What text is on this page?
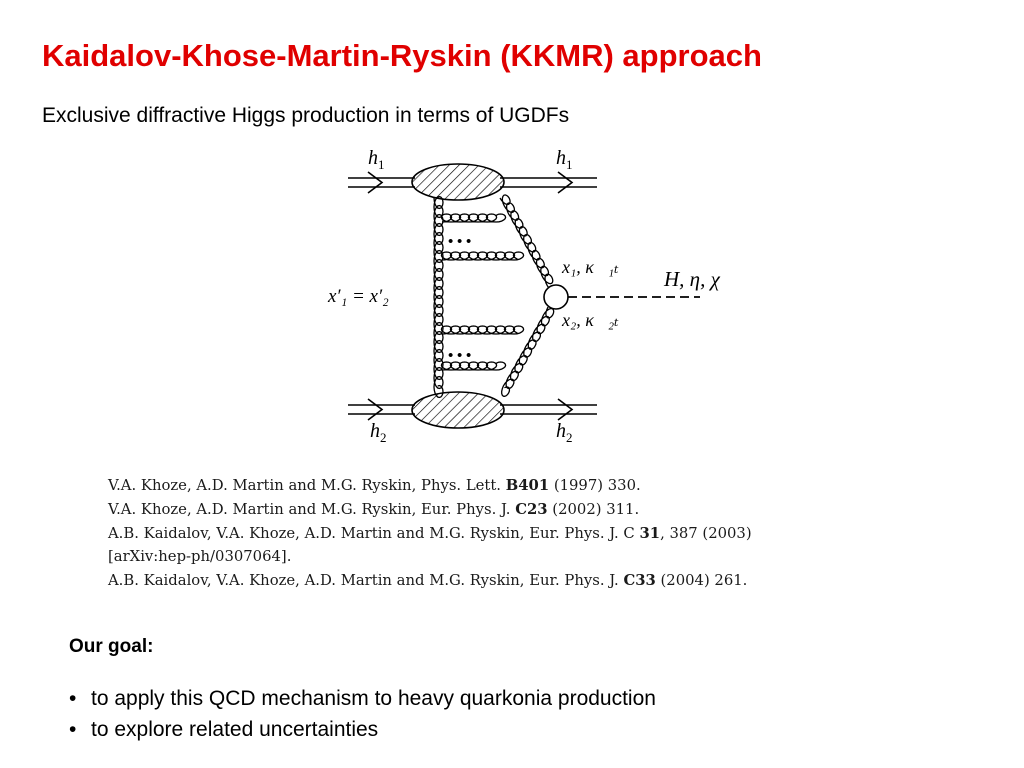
Kaidalov-Khose-Martin-Ryskin (KKMR) approach
Exclusive diffractive Higgs production in terms of UGDFs
• • •
• • •
$h_1$	$h_1$
$h_2$	$h_2$
x′₁ = x′₂
x₁, κ⃗₁ₜ
x₂, κ⃗₂ₜ
H, η, χ
V.A. Khoze, A.D. Martin and M.G. Ryskin, Phys. Lett. B401 (1997) 330.
V.A. Khoze, A.D. Martin and M.G. Ryskin, Eur. Phys. J. C23 (2002) 311.
A.B. Kaidalov, V.A. Khoze, A.D. Martin and M.G. Ryskin, Eur. Phys. J. C 31, 387 (2003)
[arXiv:hep-ph/0307064].
A.B. Kaidalov, V.A. Khoze, A.D. Martin and M.G. Ryskin, Eur. Phys. J. C33 (2004) 261.
Our goal:
• to apply this QCD mechanism to heavy quarkonia production
• to explore related uncertainties
